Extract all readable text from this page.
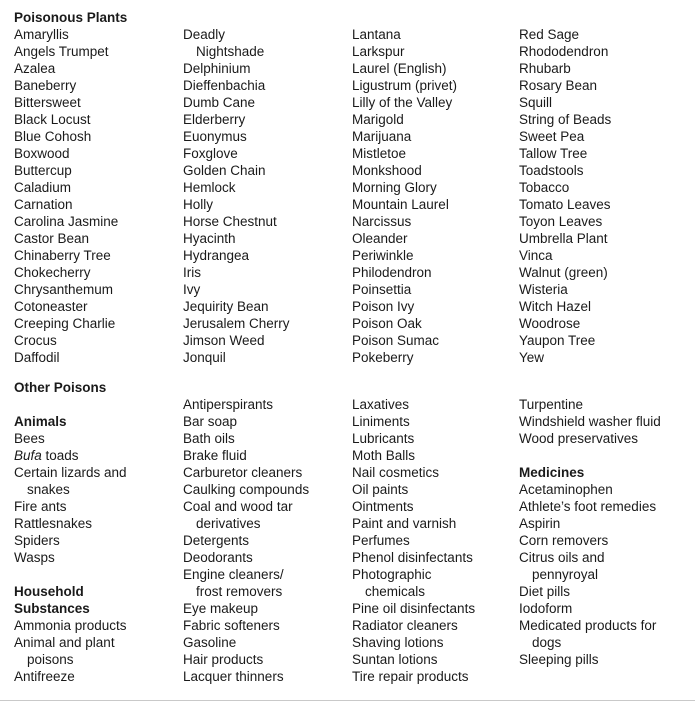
Poisonous Plants
Amaryllis
Angels Trumpet
Azalea
Baneberry
Bittersweet
Black Locust
Blue Cohosh
Boxwood
Buttercup
Caladium
Carnation
Carolina Jasmine
Castor Bean
Chinaberry Tree
Chokecherry
Chrysanthemum
Cotoneaster
Creeping Charlie
Crocus
Daffodil

Deadly
Nightshade
Delphinium
Dieffenbachia
Dumb Cane
Elderberry
Euonymus
Foxglove
Golden Chain
Hemlock
Holly
Horse Chestnut
Hyacinth
Hydrangea
Iris
Ivy
Jequirity Bean
Jerusalem Cherry
Jimson Weed
Jonquil

Lantana
Larkspur
Laurel (English)
Ligustrum (privet)
Lilly of the Valley
Marigold
Marijuana
Mistletoe
Monkshood
Morning Glory
Mountain Laurel
Narcissus
Oleander
Periwinkle
Philodendron
Poinsettia
Poison Ivy
Poison Oak
Poison Sumac
Pokeberry

Red Sage
Rhododendron
Rhubarb
Rosary Bean
Squill
String of Beads
Sweet Pea
Tallow Tree
Toadstools
Tobacco
Tomato Leaves
Toyon Leaves
Umbrella Plant
Vinca
Walnut (green)
Wisteria
Witch Hazel
Woodrose
Yaupon Tree
Yew
Other Poisons

Animals
Bees
Bufa toads
Certain lizards and
snakes
Fire ants
Rattlesnakes
Spiders
Wasps

Household
Substances
Ammonia products
Animal and plant
poisons
Antifreeze

Antiperspirants
Bar soap
Bath oils
Brake fluid
Carburetor cleaners
Caulking compounds
Coal and wood tar
derivatives
Detergents
Deodorants
Engine cleaners/
frost removers
Eye makeup
Fabric softeners
Gasoline
Hair products
Lacquer thinners

Laxatives
Liniments
Lubricants
Moth Balls
Nail cosmetics
Oil paints
Ointments
Paint and varnish
Perfumes
Phenol disinfectants
Photographic
chemicals
Pine oil disinfectants
Radiator cleaners
Shaving lotions
Suntan lotions
Tire repair products

Turpentine
Windshield washer fluid
Wood preservatives

Medicines
Acetaminophen
Athlete’s foot remedies
Aspirin
Corn removers
Citrus oils and
pennyroyal
Diet pills
Iodoform
Medicated products for
dogs
Sleeping pills
